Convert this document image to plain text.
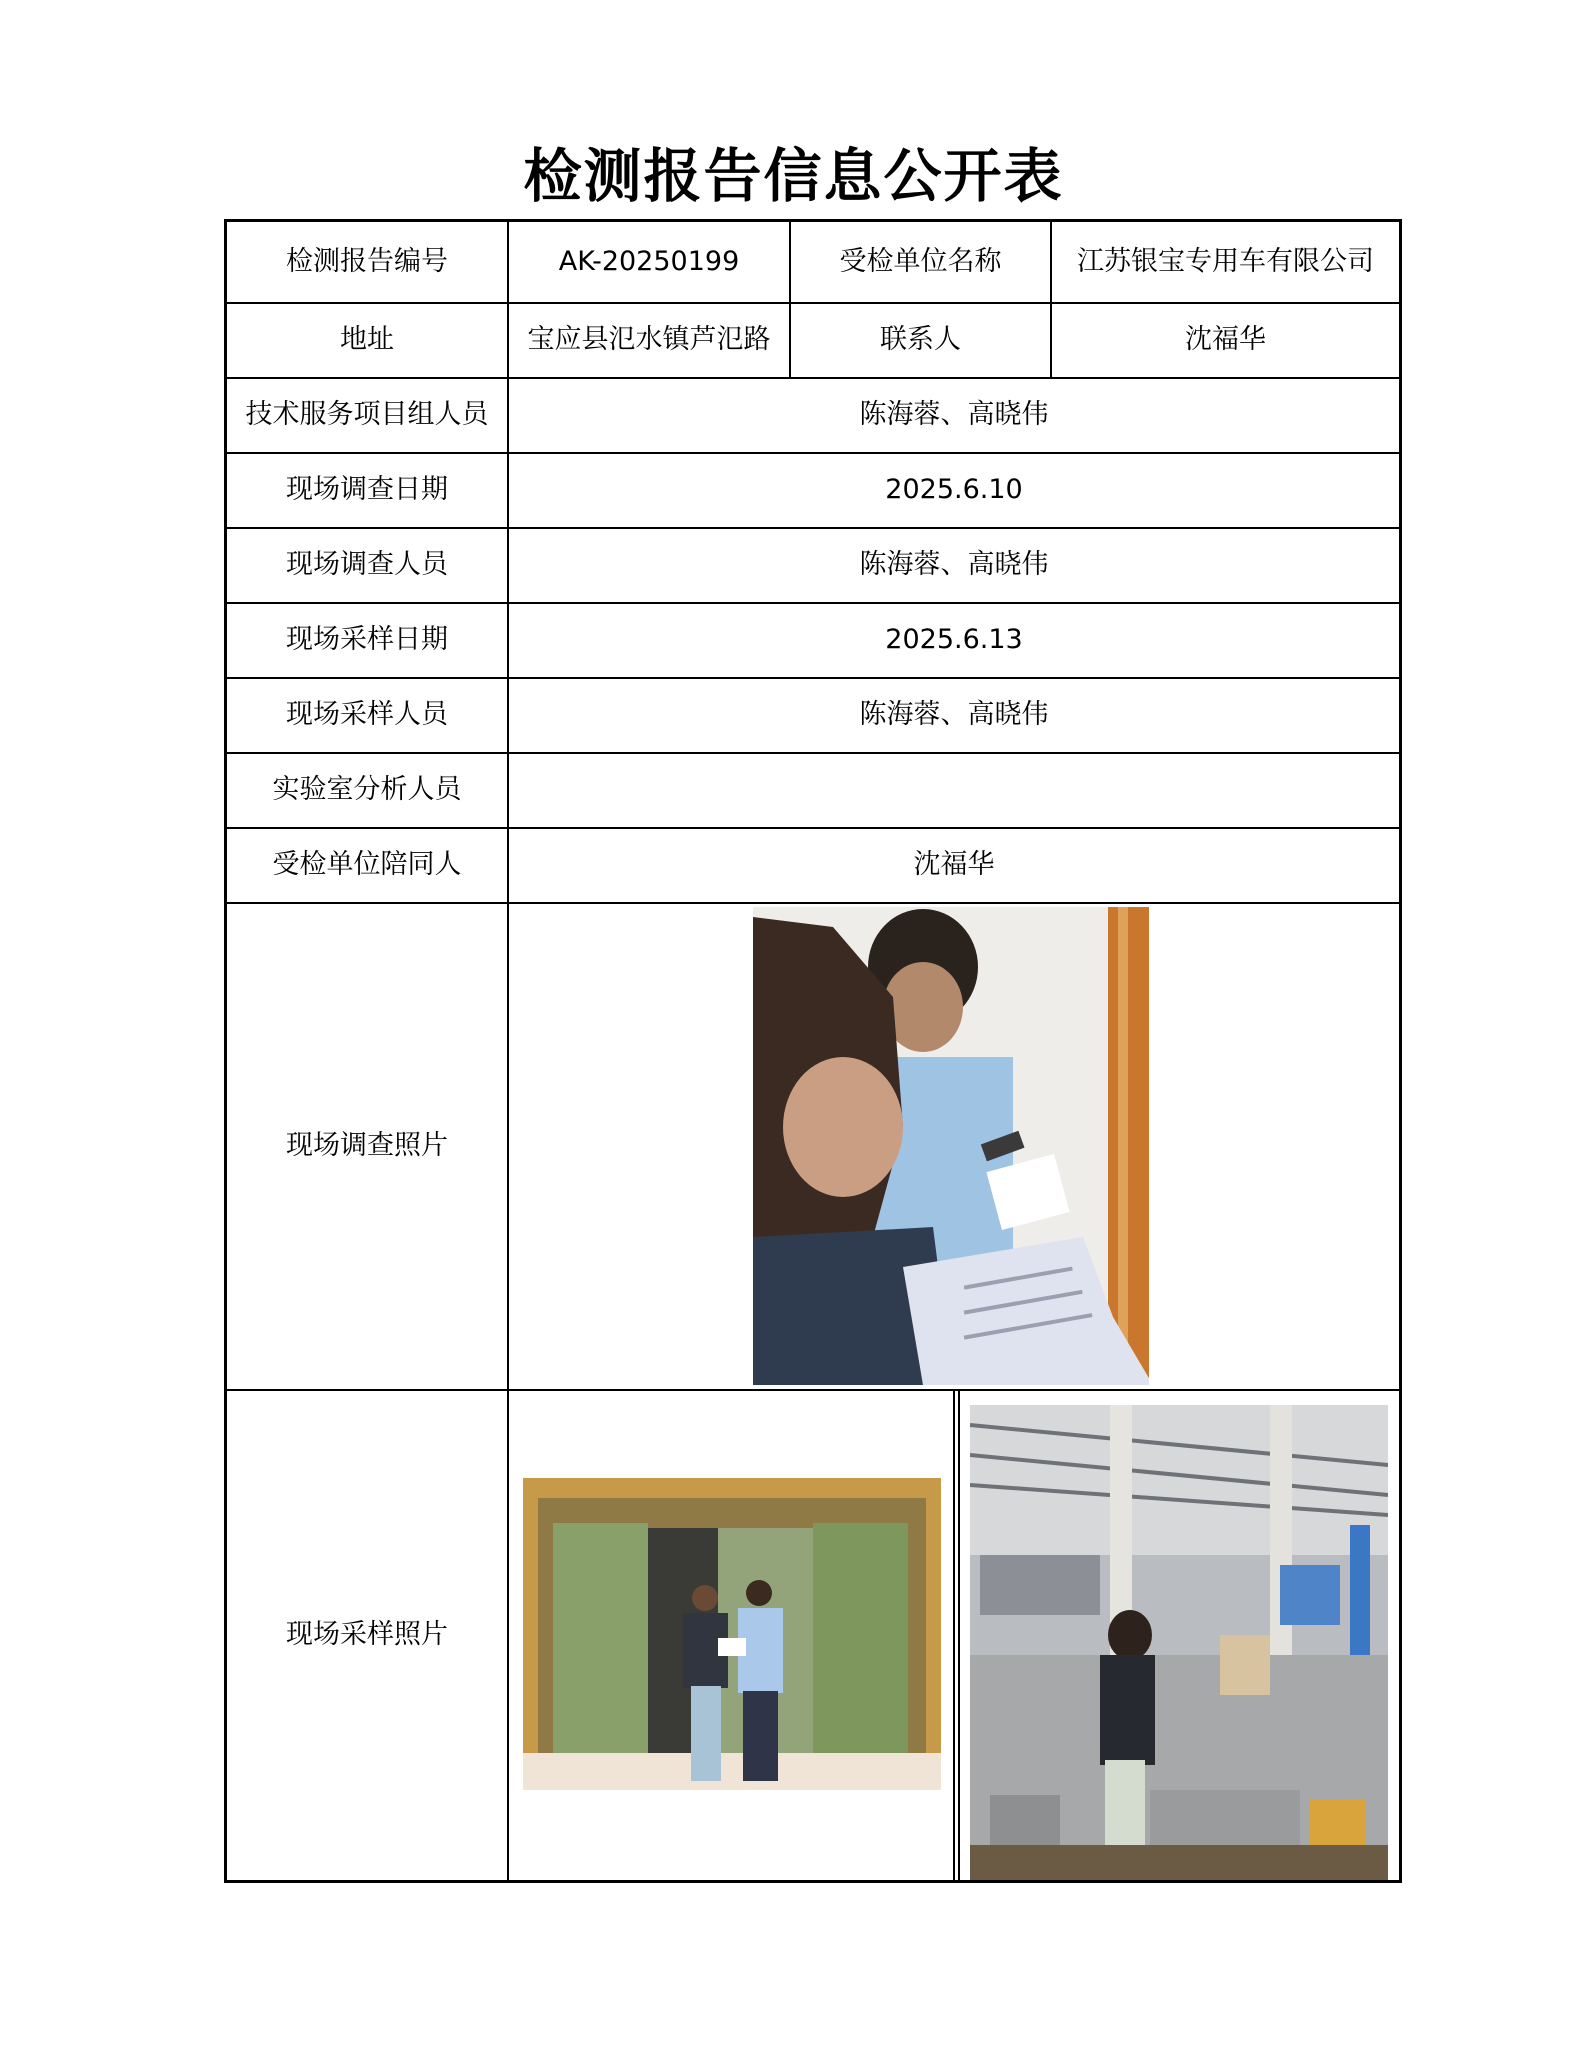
检测报告信息公开表
检测报告编号	AK-20250199	受检单位名称	江苏银宝专用车有限公司
地址	宝应县氾水镇芦氾路	联系人	沈福华
技术服务项目组人员	陈海蓉、高晓伟
现场调查日期	2025.6.10
现场调查人员	陈海蓉、高晓伟
现场采样日期	2025.6.13
现场采样人员	陈海蓉、高晓伟
实验室分析人员
受检单位陪同人	沈福华
现场调查照片
现场采样照片
